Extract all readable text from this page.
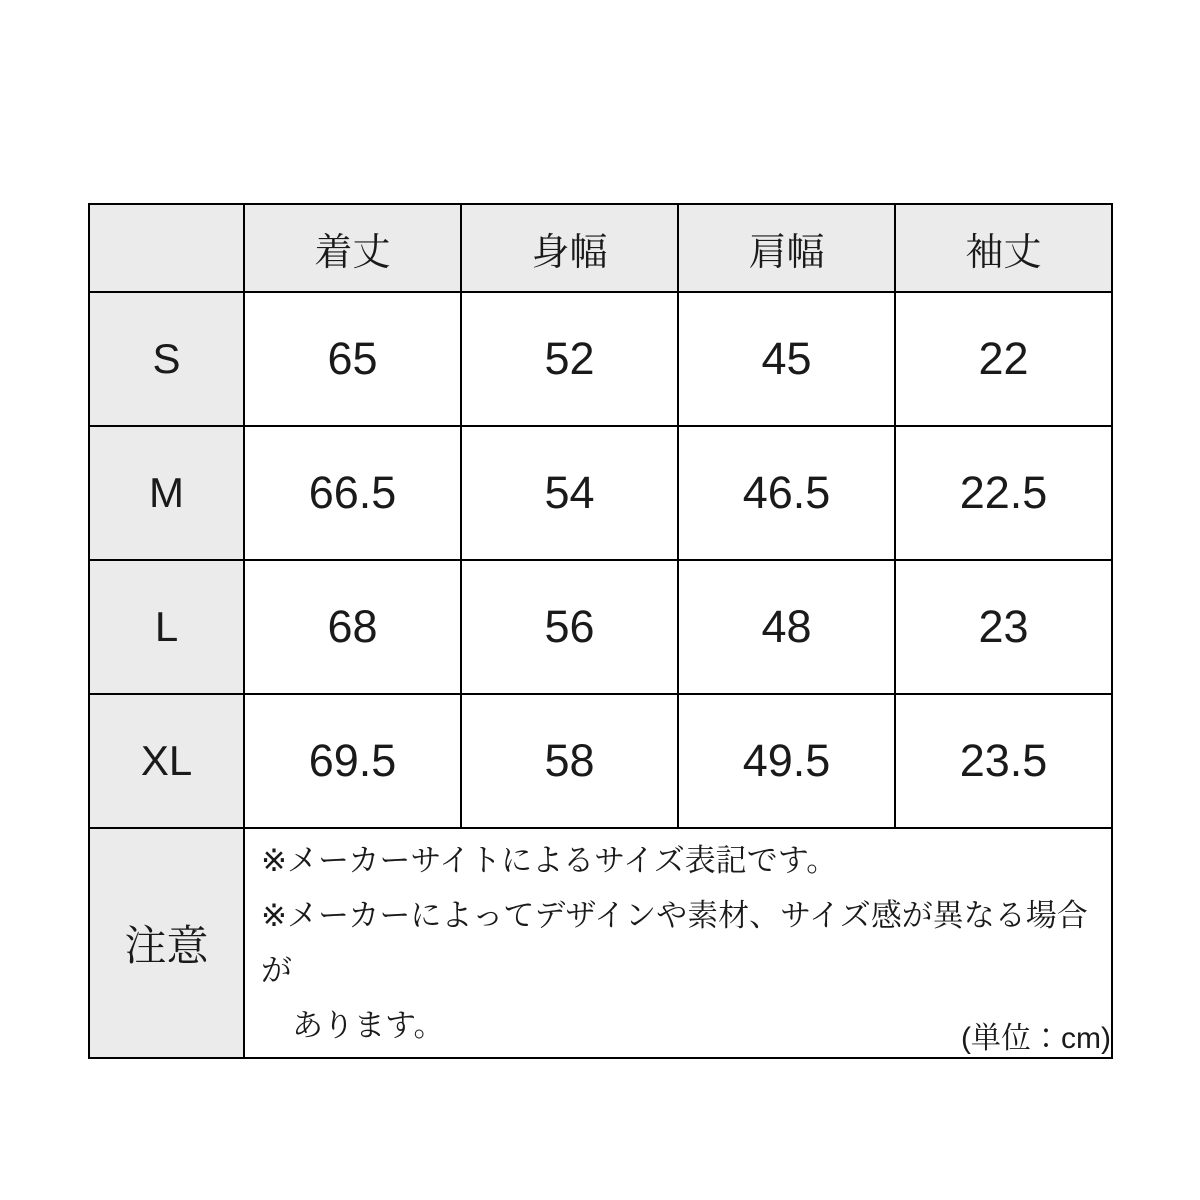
	着丈	身幅	肩幅	袖丈
S	65	52	45	22
M	66.5	54	46.5	22.5
L	68	56	48	23
XL	69.5	58	49.5	23.5
注意	※メーカーサイトによるサイズ表記です。

※メーカーによってデザインや素材、サイズ感が異なる場合が

あります。				(単位：cm)
